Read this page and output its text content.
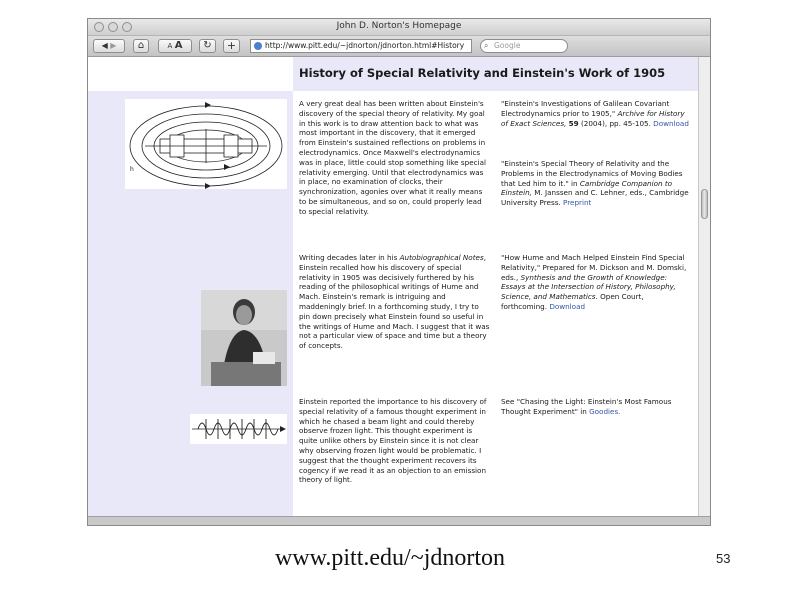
John D. Norton's Homepage
◀ ▶	⌂	A A	↻	+	http://www.pitt.edu/~jdnorton/jdnorton.html#History	⌕ Google
History of Special Relativity and Einstein's Work of 1905
h
A very great deal has been written about Einstein's discovery of the special theory of relativity. My goal in this work is to draw attention back to what was most important in the discovery, that it emerged from Einstein's sustained reflections on problems in electrodynamics. Once Maxwell's electrodynamics was in place, little could stop something like special relativity emerging. Until that electrodynamics was in place, no examination of clocks, their synchronization, agonies over what it really means to be simultaneous, and so on, could properly lead to special relativity.
"Einstein's Investigations of Galilean Covariant Electrodynamics prior to 1905," Archive for History of Exact Sciences, 59 (2004), pp. 45-105. Download
"Einstein's Special Theory of Relativity and the Problems in the Electrodynamics of Moving Bodies that Led him to it." in Cambridge Companion to Einstein, M. Janssen and C. Lehner, eds., Cambridge University Press. Preprint
Writing decades later in his Autobiographical Notes, Einstein recalled how his discovery of special relativity in 1905 was decisively furthered by his reading of the philosophical writings of Hume and Mach. Einstein's remark is intriguing and maddeningly brief. In a forthcoming study, I try to pin down precisely what Einstein found so useful in the writings of Hume and Mach. I suggest that it was not a particular view of space and time but a theory of concepts.
"How Hume and Mach Helped Einstein Find Special Relativity," Prepared for M. Dickson and M. Domski, eds., Synthesis and the Growth of Knowledge: Essays at the Intersection of History, Philosophy, Science, and Mathematics. Open Court, forthcoming. Download
Einstein reported the importance to his discovery of special relativity of a famous thought experiment in which he chased a beam light and could thereby observe frozen light. This thought experiment is quite unlike others by Einstein since it is not clear why observing frozen light would be problematic. I suggest that the thought experiment recovers its cogency if we read it as an objection to an emission theory of light.
See "Chasing the Light: Einstein's Most Famous Thought Experiment" in Goodies.
www.pitt.edu/~jdnorton	53
